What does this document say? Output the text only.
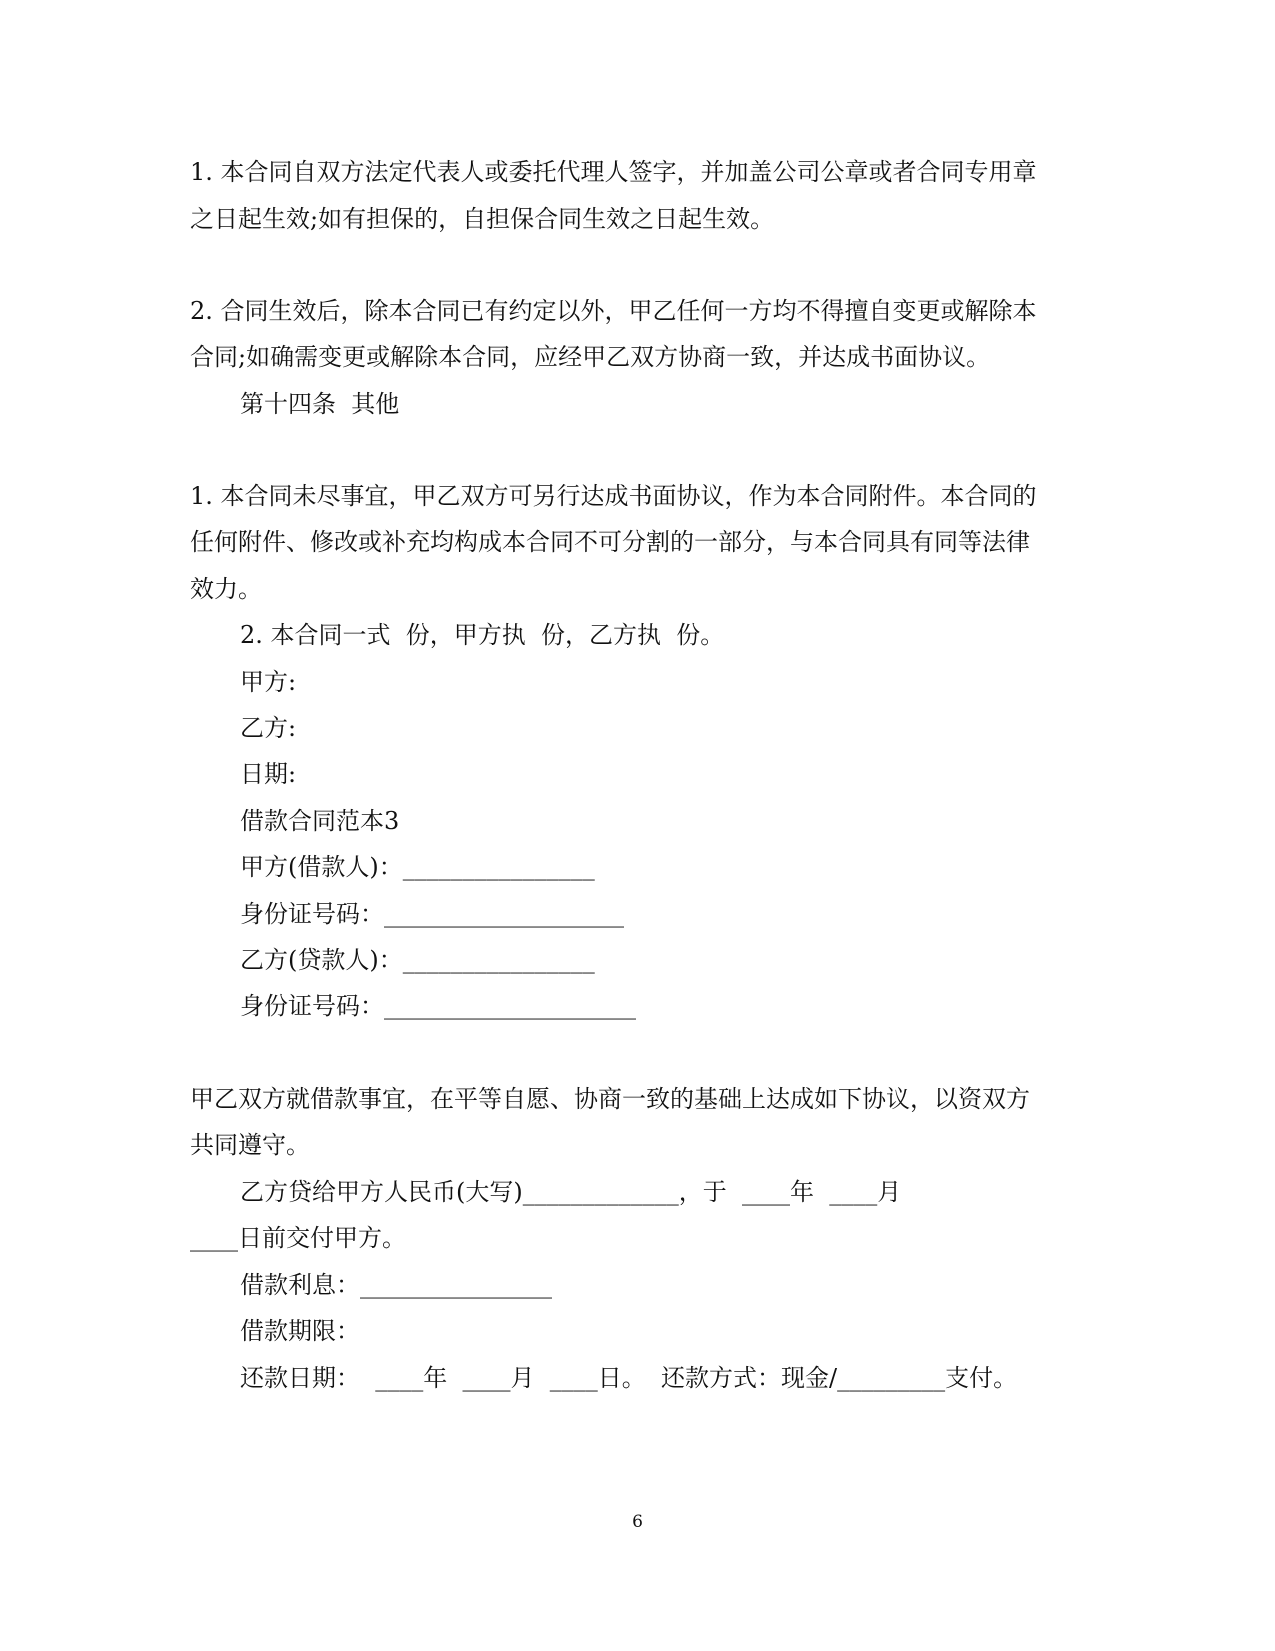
1. 本合同自双方法定代表人或委托代理人签字，并加盖公司公章或者合同专用章
之日起生效;如有担保的，自担保合同生效之日起生效。
2. 合同生效后，除本合同已有约定以外，甲乙任何一方均不得擅自变更或解除本
合同;如确需变更或解除本合同，应经甲乙双方协商一致，并达成书面协议。
第十四条  其他
1. 本合同未尽事宜，甲乙双方可另行达成书面协议，作为本合同附件。本合同的
任何附件、修改或补充均构成本合同不可分割的一部分，与本合同具有同等法律
效力。
2. 本合同一式  份，甲方执  份，乙方执  份。
甲方:
乙方:
日期:
借款合同范本3
甲方(借款人)：________________
身份证号码：____________________
乙方(贷款人)：________________
身份证号码：_____________________
甲乙双方就借款事宜，在平等自愿、协商一致的基础上达成如下协议，以资双方
共同遵守。
乙方贷给甲方人民币(大写)_____________，于  ____年  ____月
____日前交付甲方。
借款利息：________________
借款期限：
还款日期：  ____年  ____月  ____日。  还款方式：现金/_________支付。
6
